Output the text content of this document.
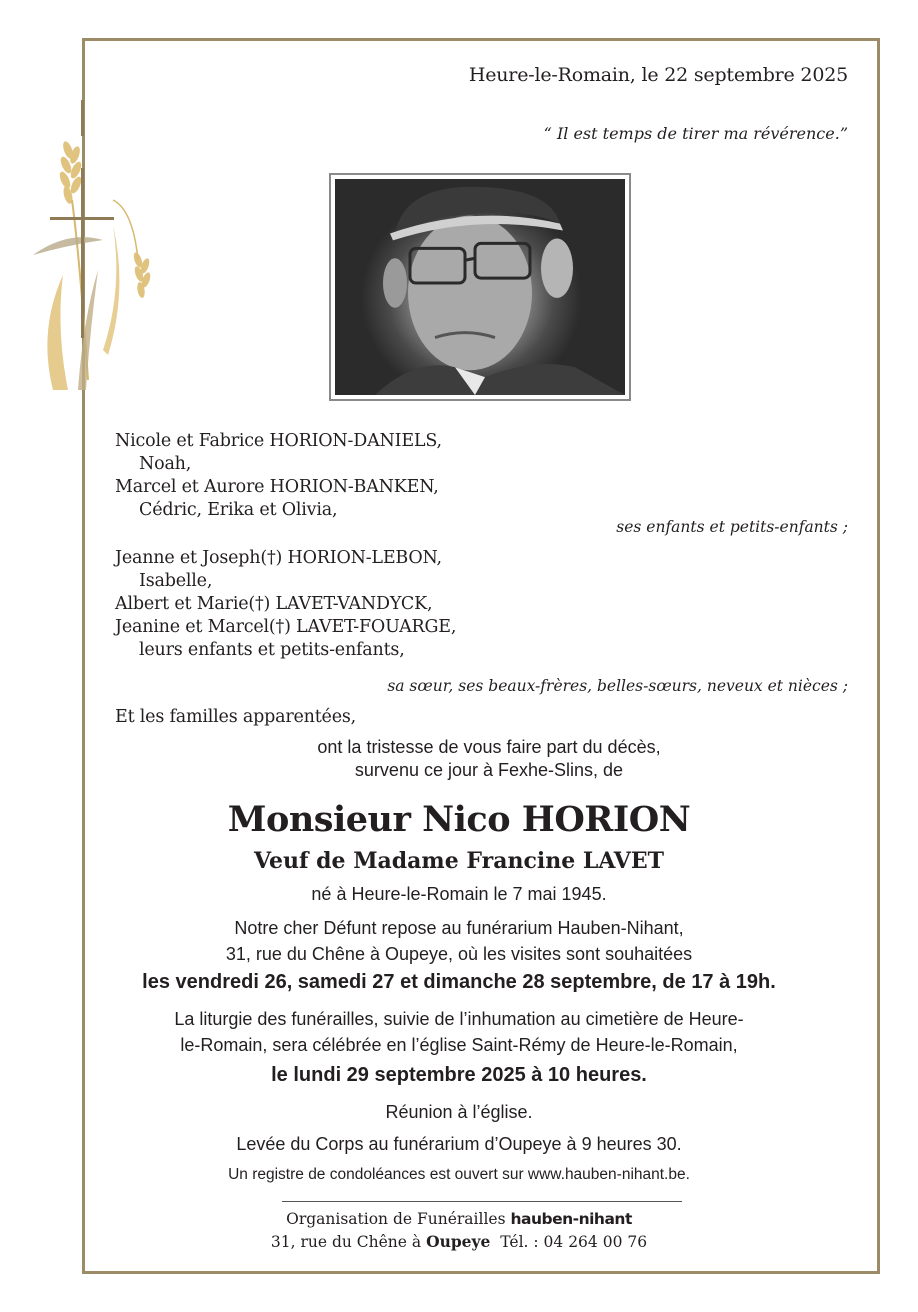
Heure-le-Romain, le 22 septembre 2025
“ Il est temps de tirer ma révérence.”
Nicole et Fabrice HORION-DANIELS,
Noah,
Marcel et Aurore HORION-BANKEN,
Cédric, Erika et Olivia,
ses enfants et petits-enfants ;
Jeanne et Joseph(†) HORION-LEBON,
Isabelle,
Albert et Marie(†) LAVET-VANDYCK,
Jeanine et Marcel(†) LAVET-FOUARGE,
leurs enfants et petits-enfants,
sa sœur, ses beaux-frères, belles-sœurs, neveux et nièces ;
Et les familles apparentées,
ont la tristesse de vous faire part du décès,
survenu ce jour à Fexhe-Slins, de
Monsieur Nico HORION
Veuf de Madame Francine LAVET
né à Heure-le-Romain le 7 mai 1945.
Notre cher Défunt repose au funérarium Hauben-Nihant,
31, rue du Chêne à Oupeye, où les visites sont souhaitées
les vendredi 26, samedi 27 et dimanche 28 septembre, de 17 à 19h.
La liturgie des funérailles, suivie de l’inhumation au cimetière de Heure-
le-Romain, sera célébrée en l’église Saint-Rémy de Heure-le-Romain,
le lundi 29 septembre 2025 à 10 heures.
Réunion à l’église.
Levée du Corps au funérarium d’Oupeye à 9 heures 30.
Un registre de condoléances est ouvert sur www.hauben-nihant.be.
Organisation de Funérailles hauben-nihant
31, rue du Chêne à Oupeye Tél. : 04 264 00 76
